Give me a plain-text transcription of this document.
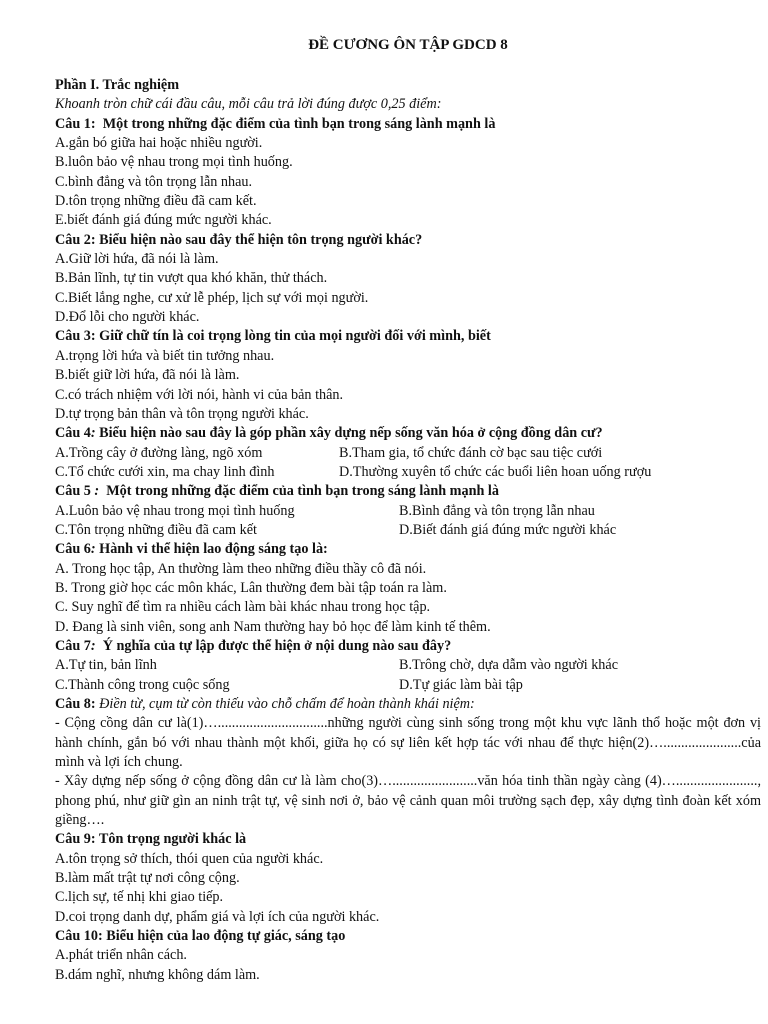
ĐỀ CƯƠNG ÔN TẬP GDCD 8
Phần I. Trắc nghiệm
Khoanh tròn chữ cái đầu câu, mỗi câu trả lời đúng được 0,25 điểm:
Câu 1: Một trong những đặc điểm của tình bạn trong sáng lành mạnh là
A.gắn bó giữa hai hoặc nhiều người.
B.luôn bảo vệ nhau trong mọi tình huống.
C.bình đẳng và tôn trọng lẫn nhau.
D.tôn trọng những điều đã cam kết.
E.biết đánh giá đúng mức người khác.
Câu 2: Biểu hiện nào sau đây thể hiện tôn trọng người khác?
A.Giữ lời hứa, đã nói là làm.
B.Bản lĩnh, tự tin vượt qua khó khăn, thử thách.
C.Biết lắng nghe, cư xử lễ phép, lịch sự với mọi người.
D.Đổ lỗi cho người khác.
Câu 3: Giữ chữ tín là coi trọng lòng tin của mọi người đối với mình, biết
A.trọng lời hứa và biết tin tưởng nhau.
B.biết giữ lời hứa, đã nói là làm.
C.có trách nhiệm với lời nói, hành vi của bản thân.
D.tự trọng bản thân và tôn trọng người khác.
Câu 4: Biểu hiện nào sau đây là góp phần xây dựng nếp sống văn hóa ở cộng đồng dân cư?
A.Trồng cây ở đường làng, ngõ xóm	B.Tham gia, tổ chức đánh cờ bạc sau tiệc cưới
C.Tổ chức cưới xin, ma chay linh đình	D.Thường xuyên tổ chức các buổi liên hoan uống rượu
Câu 5 : Một trong những đặc điểm của tình bạn trong sáng lành mạnh là
A.Luôn bảo vệ nhau trong mọi tình huống	B.Bình đẳng và tôn trọng lẫn nhau
C.Tôn trọng những điều đã cam kết	D.Biết đánh giá đúng mức người khác
Câu 6: Hành vi thể hiện lao động sáng tạo là:
A. Trong học tập, An thường làm theo những điều thầy cô đã nói.
B. Trong giờ học các môn khác, Lân thường đem bài tập toán ra làm.
C. Suy nghĩ để tìm ra nhiều cách làm bài khác nhau trong học tập.
D. Đang là sinh viên, song anh Nam thường hay bỏ học để làm kinh tế thêm.
Câu 7: Ý nghĩa của tự lập được thể hiện ở nội dung nào sau đây?
A.Tự tin, bản lĩnh	B.Trông chờ, dựa dẫm vào người khác
C.Thành công trong cuộc sống	D.Tự giác làm bài tập
Câu 8: Điền từ, cụm từ còn thiếu vào chỗ chấm để hoàn thành khái niệm:
- Cộng cồng dân cư là(1)…...............................những người cùng sinh sống trong một khu vực lãnh thổ hoặc một đơn vị hành chính, gắn bó với nhau thành một khối, giữa họ có sự liên kết hợp tác với nhau để thực hiện(2)…......................của mình và lợi ích chung.
- Xây dựng nếp sống ở cộng đồng dân cư là làm cho(3)…........................văn hóa tinh thần ngày càng (4)…......................., phong phú, như giữ gìn an ninh trật tự, vệ sinh nơi ở, bảo vệ cảnh quan môi trường sạch đẹp, xây dựng tình đoàn kết xóm giềng….
Câu 9: Tôn trọng người khác là
A.tôn trọng sở thích, thói quen của người khác.
B.làm mất trật tự nơi công cộng.
C.lịch sự, tế nhị khi giao tiếp.
D.coi trọng danh dự, phẩm giá và lợi ích của người khác.
Câu 10: Biểu hiện của lao động tự giác, sáng tạo
A.phát triển nhân cách.
B.dám nghĩ, nhưng không dám làm.
